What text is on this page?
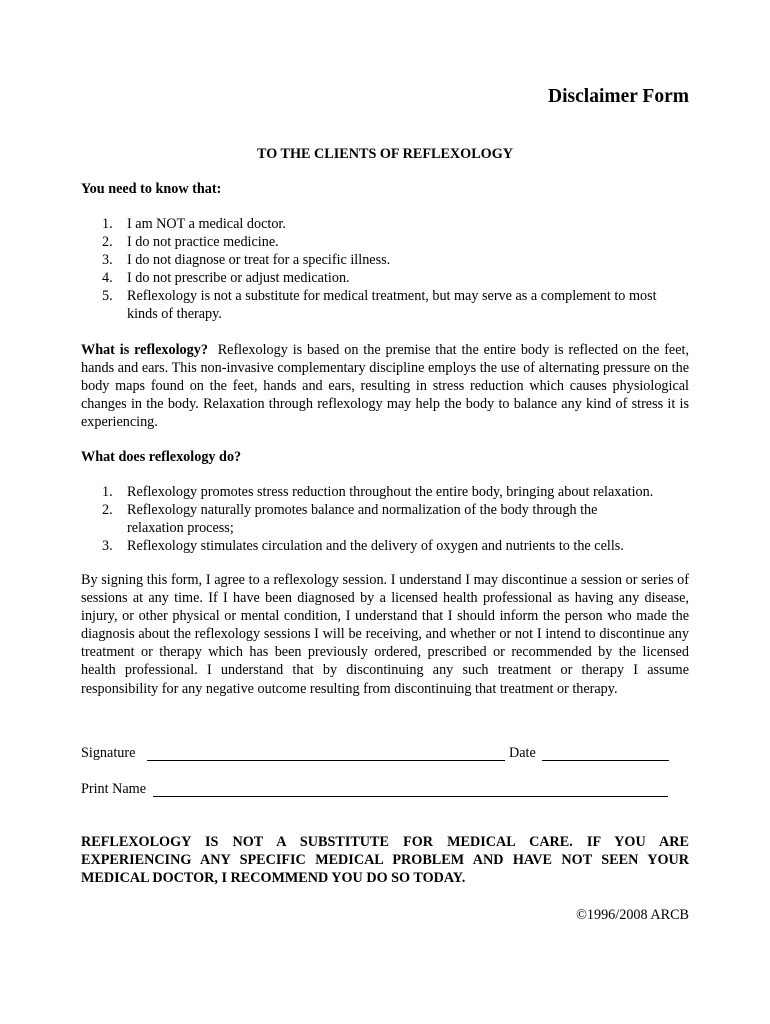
Disclaimer Form
TO THE CLIENTS OF REFLEXOLOGY
You need to know that:
1. I am NOT a medical doctor.
2. I do not practice medicine.
3. I do not diagnose or treat for a specific illness.
4. I do not prescribe or adjust medication.
5. Reflexology is not a substitute for medical treatment, but may serve as a complement to most kinds of therapy.
What is reflexology? Reflexology is based on the premise that the entire body is reflected on the feet, hands and ears. This non-invasive complementary discipline employs the use of alternating pressure on the body maps found on the feet, hands and ears, resulting in stress reduction which causes physiological changes in the body. Relaxation through reflexology may help the body to balance any kind of stress it is experiencing.
What does reflexology do?
1. Reflexology promotes stress reduction throughout the entire body, bringing about relaxation.
2. Reflexology naturally promotes balance and normalization of the body through the relaxation process;
3. Reflexology stimulates circulation and the delivery of oxygen and nutrients to the cells.
By signing this form, I agree to a reflexology session. I understand I may discontinue a session or series of sessions at any time. If I have been diagnosed by a licensed health professional as having any disease, injury, or other physical or mental condition, I understand that I should inform the person who made the diagnosis about the reflexology sessions I will be receiving, and whether or not I intend to discontinue any treatment or therapy which has been previously ordered, prescribed or recommended by the licensed health professional. I understand that by discontinuing any such treatment or therapy I assume responsibility for any negative outcome resulting from discontinuing that treatment or therapy.
Signature	Date
Print Name
REFLEXOLOGY IS NOT A SUBSTITUTE FOR MEDICAL CARE. IF YOU ARE EXPERIENCING ANY SPECIFIC MEDICAL PROBLEM AND HAVE NOT SEEN YOUR MEDICAL DOCTOR, I RECOMMEND YOU DO SO TODAY.
©1996/2008 ARCB
